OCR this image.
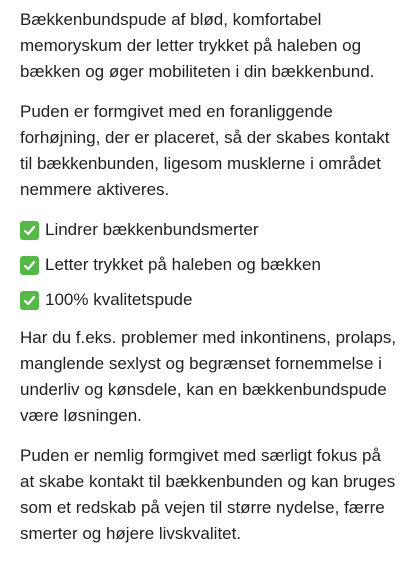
Bækkenbundspude af blød, komfortabel memoryskum der letter trykket på haleben og bækken og øger mobiliteten i din bækkenbund.

Puden er formgivet med en foranliggende forhøjning, der er placeret, så der skabes kontakt til bækkenbunden, ligesom musklerne i området nemmere aktiveres.

Lindrer bækkenbundsmerter
Letter trykket på haleben og bækken
100% kvalitetspude

Har du f.eks. problemer med inkontinens, prolaps, manglende sexlyst og begrænset fornemmelse i underliv og kønsdele, kan en bækkenbundspude være løsningen.

Puden er nemlig formgivet med særligt fokus på at skabe kontakt til bækkenbunden og kan bruges som et redskab på vejen til større nydelse, færre smerter og højere livskvalitet.
